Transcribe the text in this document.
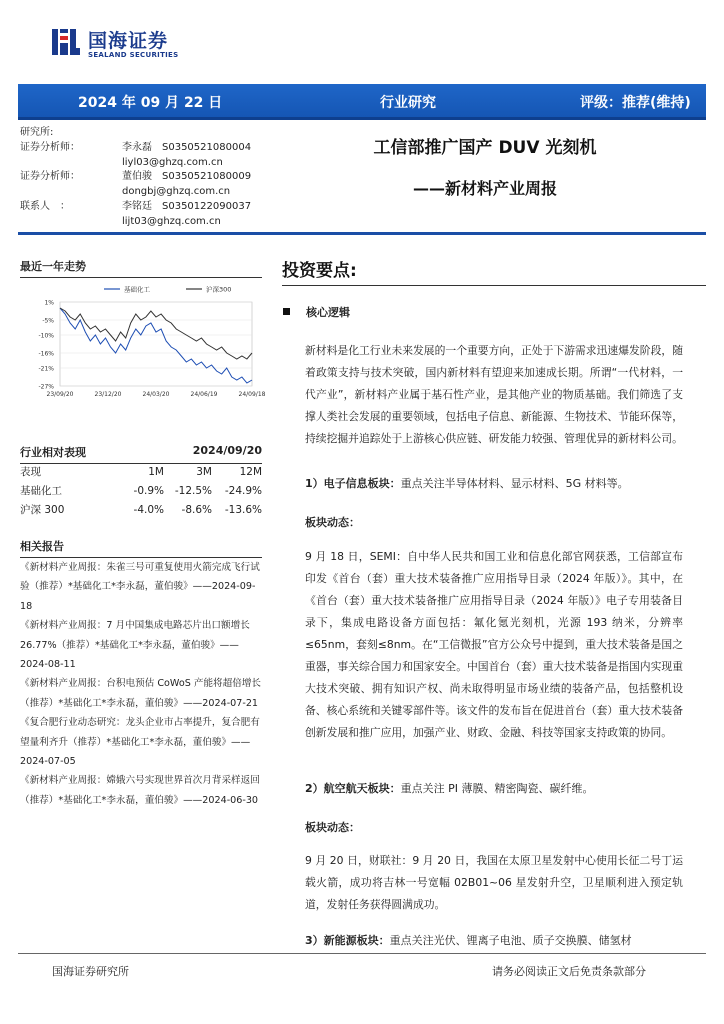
国海证券
SEALAND SECURITIES
2024 年 09 月 22 日	行业研究	评级：推荐(维持)
研究所:
证券分析师：	李永磊　S0350521080004
liyl03@ghzq.com.cn
证券分析师：	董伯骏　S0350521080009
dongbj@ghzq.com.cn
联系人　：	李铭廷　S0350122090037
lijt03@ghzq.com.cn
工信部推广国产 DUV 光刻机
——新材料产业周报
最近一年走势
1%
-5%
-10%
-16%
-21%
-27%
23/09/20	23/12/20	24/03/20	24/06/19	24/09/18
基础化工	沪深300
行业相对表现	2024/09/20
表现	1M	3M	12M
基础化工	-0.9%	-12.5%	-24.9%
沪深 300	-4.0%	-8.6%	-13.6%
相关报告
《新材料产业周报：朱雀三号可重复使用火箭完成飞行试验（推荐）*基础化工*李永磊，董伯骏》——2024-09-18
《新材料产业周报：7 月中国集成电路芯片出口额增长 26.77%（推荐）*基础化工*李永磊，董伯骏》——2024-08-11
《新材料产业周报：台积电预估 CoWoS 产能将超倍增长（推荐）*基础化工*李永磊，董伯骏》——2024-07-21
《复合肥行业动态研究：龙头企业市占率提升，复合肥有望量利齐升（推荐）*基础化工*李永磊，董伯骏》——2024-07-05
《新材料产业周报：嫦娥六号实现世界首次月背采样返回（推荐）*基础化工*李永磊，董伯骏》——2024-06-30
投资要点:
核心逻辑
新材料是化工行业未来发展的一个重要方向，正处于下游需求迅速爆发阶段，随着政策支持与技术突破，国内新材料有望迎来加速成长期。所谓“一代材料，一代产业”，新材料产业属于基石性产业，是其他产业的物质基础。我们筛选了支撑人类社会发展的重要领域，包括电子信息、新能源、生物技术、节能环保等，持续挖掘并追踪处于上游核心供应链、研发能力较强、管理优异的新材料公司。
1）电子信息板块：重点关注半导体材料、显示材料、5G 材料等。
板块动态：
9 月 18 日，SEMI：自中华人民共和国工业和信息化部官网获悉，工信部宣布印发《首台（套）重大技术装备推广应用指导目录（2024 年版）》。其中，在《首台（套）重大技术装备推广应用指导目录（2024 年版）》电子专用装备目录下，集成电路设备方面包括：氟化氪光刻机，光源 193 纳米，分辨率≤65nm，套刻≤8nm。在“工信微报”官方公众号中提到，重大技术装备是国之重器，事关综合国力和国家安全。中国首台（套）重大技术装备是指国内实现重大技术突破、拥有知识产权、尚未取得明显市场业绩的装备产品，包括整机设备、核心系统和关键零部件等。该文件的发布旨在促进首台（套）重大技术装备创新发展和推广应用，加强产业、财政、金融、科技等国家支持政策的协同。
2）航空航天板块：重点关注 PI 薄膜、精密陶瓷、碳纤维。
板块动态：
9 月 20 日，财联社：9 月 20 日，我国在太原卫星发射中心使用长征二号丁运载火箭，成功将吉林一号宽幅 02B01~06 星发射升空，卫星顺利进入预定轨道，发射任务获得圆满成功。
3）新能源板块：重点关注光伏、锂离子电池、质子交换膜、储氢材
国海证券研究所	请务必阅读正文后免责条款部分
